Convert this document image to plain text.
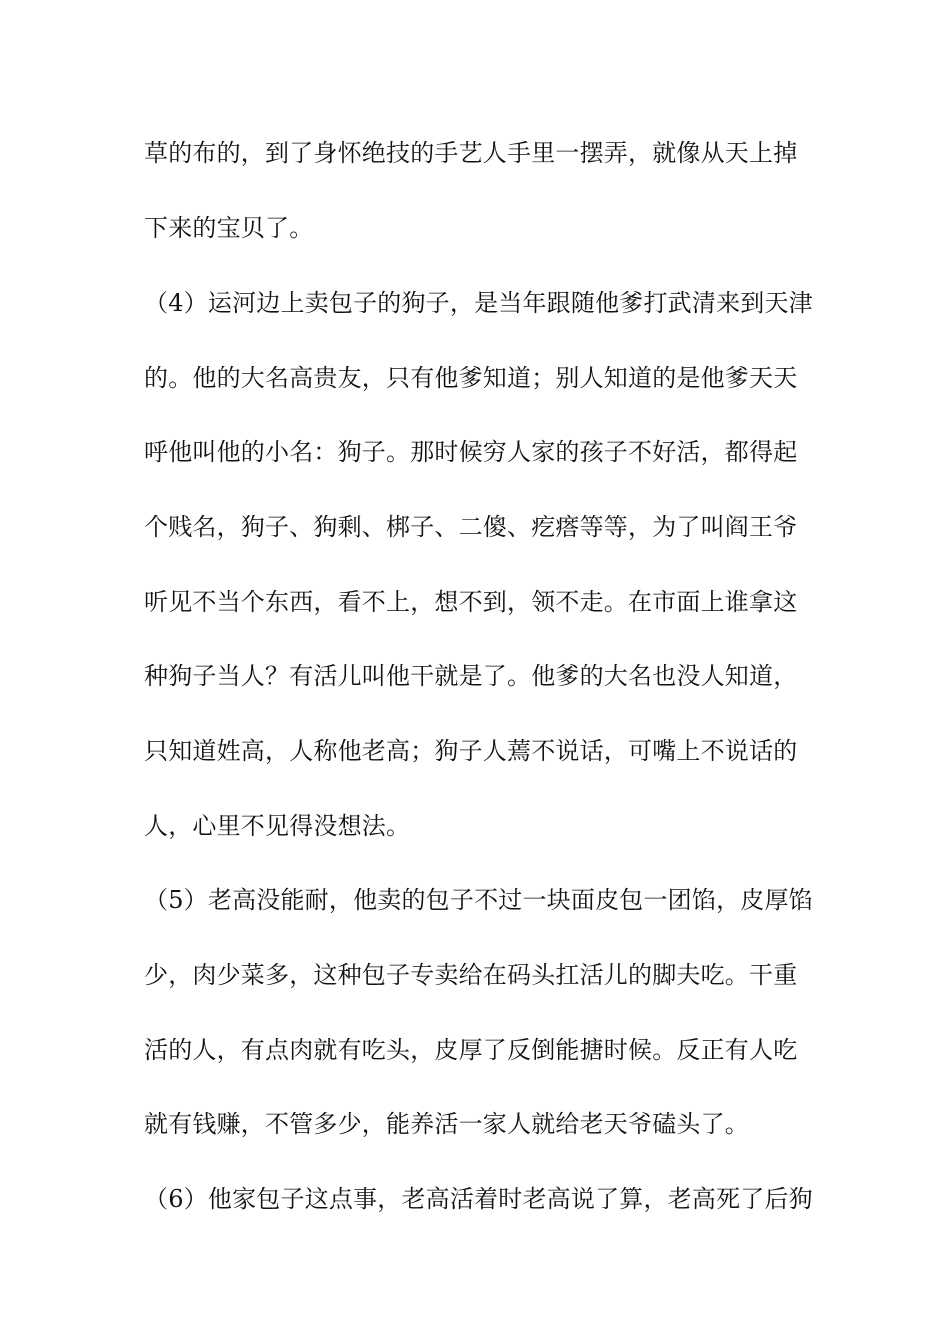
草的布的，到了身怀绝技的手艺人手里一摆弄，就像从天上掉
下来的宝贝了。
（4）运河边上卖包子的狗子，是当年跟随他爹打武清来到天津
的。他的大名高贵友，只有他爹知道；别人知道的是他爹天天
呼他叫他的小名：狗子。那时候穷人家的孩子不好活，都得起
个贱名，狗子、狗剩、梆子、二傻、疙瘩等等，为了叫阎王爷
听见不当个东西，看不上，想不到，领不走。在市面上谁拿这
种狗子当人？有活儿叫他干就是了。他爹的大名也没人知道，
只知道姓高，人称他老高；狗子人蔫不说话，可嘴上不说话的
人，心里不见得没想法。
（5）老高没能耐，他卖的包子不过一块面皮包一团馅，皮厚馅
少，肉少菜多，这种包子专卖给在码头扛活儿的脚夫吃。干重
活的人，有点肉就有吃头，皮厚了反倒能搪时候。反正有人吃
就有钱赚，不管多少，能养活一家人就给老天爷磕头了。
（6）他家包子这点事，老高活着时老高说了算，老高死了后狗
